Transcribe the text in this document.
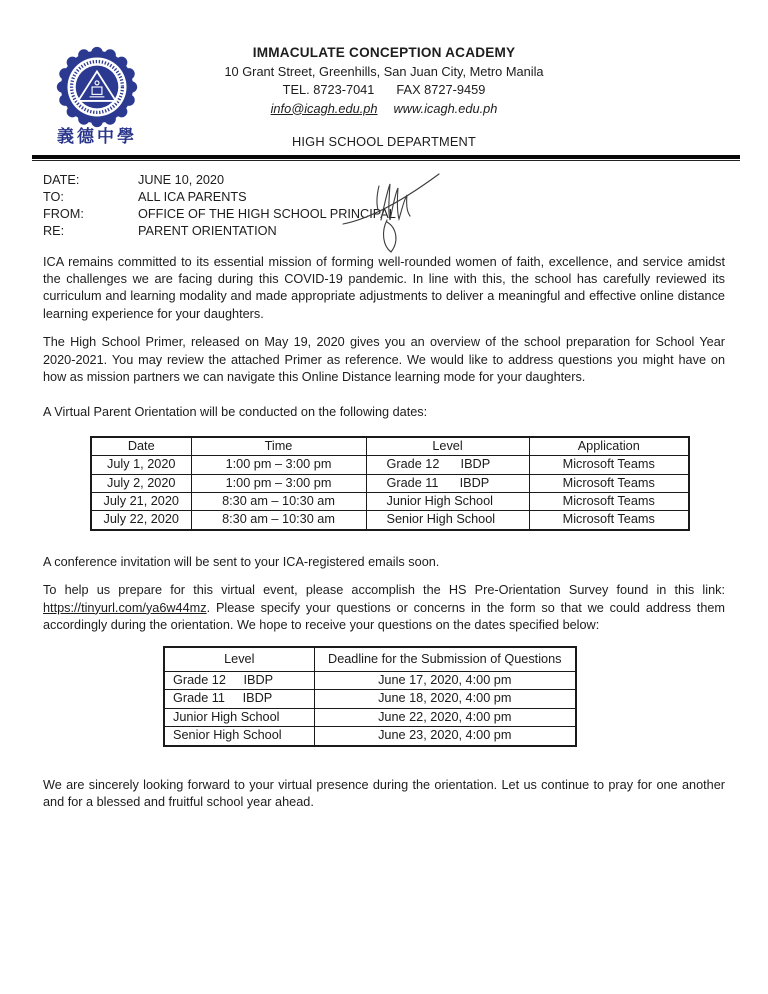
義德中學
IMMACULATE CONCEPTION ACADEMY
10 Grant Street, Greenhills, San Juan City, Metro Manila
TEL. 8723-7041 FAX 8727-9459
info@icagh.edu.ph www.icagh.edu.ph
HIGH SCHOOL DEPARTMENT
DATE:	JUNE 10, 2020
TO:	ALL ICA PARENTS
FROM:	OFFICE OF THE HIGH SCHOOL PRINCIPAL
RE:	PARENT ORIENTATION

ICA remains committed to its essential mission of forming well-rounded women of faith, excellence, and service amidst the challenges we are facing during this COVID-19 pandemic. In line with this, the school has carefully reviewed its curriculum and learning modality and made appropriate adjustments to deliver a meaningful and effective online distance learning experience for your daughters.

The High School Primer, released on May 19, 2020 gives you an overview of the school preparation for School Year 2020-2021. You may review the attached Primer as reference. We would like to address questions you might have on how as mission partners we can navigate this Online Distance learning mode for your daughters.

A Virtual Parent Orientation will be conducted on the following dates:

Date	Time	Level	Application
July 1, 2020	1:00 pm – 3:00 pm	Grade 12      IBDP	Microsoft Teams
July 2, 2020	1:00 pm – 3:00 pm	Grade 11      IBDP	Microsoft Teams
July 21, 2020	8:30 am – 10:30 am	Junior High School	Microsoft Teams
July 22, 2020	8:30 am – 10:30 am	Senior High School	Microsoft Teams

A conference invitation will be sent to your ICA-registered emails soon.

To help us prepare for this virtual event, please accomplish the HS Pre-Orientation Survey found in this link: https://tinyurl.com/ya6w44mz. Please specify your questions or concerns in the form so that we could address them accordingly during the orientation. We hope to receive your questions on the dates specified below:

Level	Deadline for the Submission of Questions
Grade 12     IBDP	June 17, 2020, 4:00 pm
Grade 11     IBDP	June 18, 2020, 4:00 pm
Junior High School	June 22, 2020, 4:00 pm
Senior High School	June 23, 2020, 4:00 pm

We are sincerely looking forward to your virtual presence during the orientation. Let us continue to pray for one another and for a blessed and fruitful school year ahead.
